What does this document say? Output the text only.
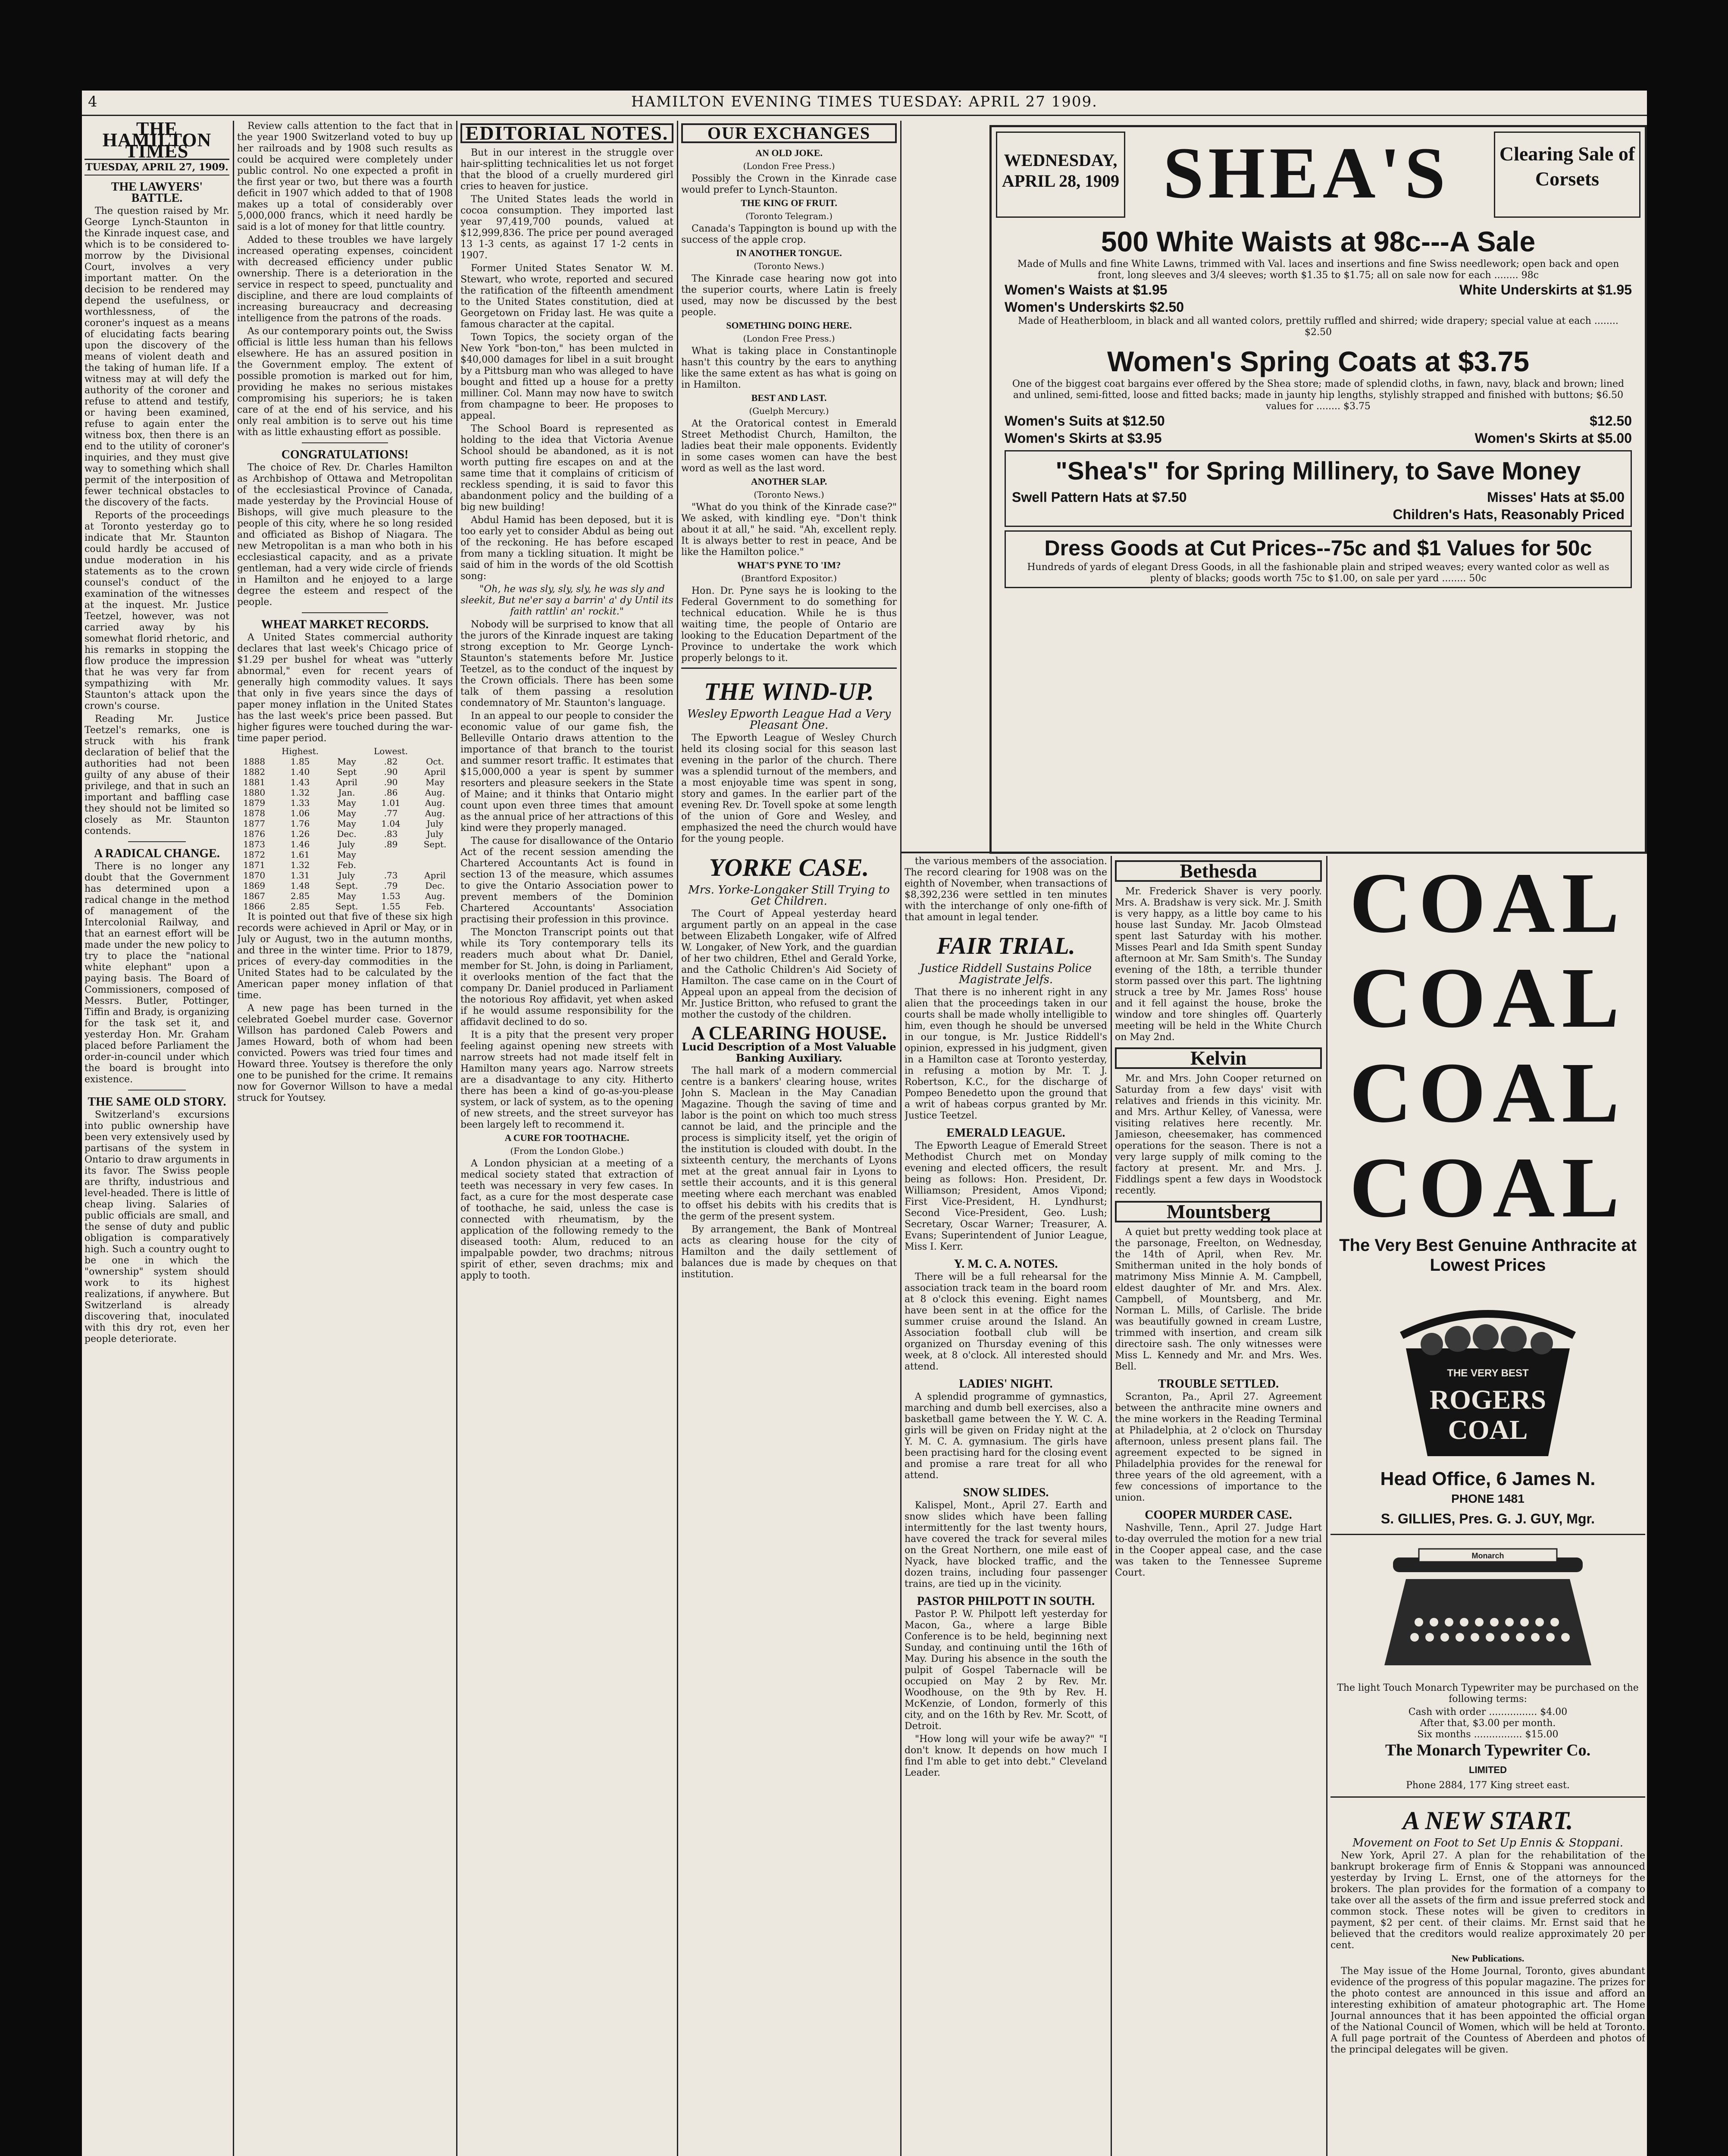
4	HAMILTON EVENING TIMES TUESDAY: APRIL 27 1909.
THE HAMILTON TIMES
TUESDAY, APRIL 27, 1909.
THE LAWYERS' BATTLE.

The question raised by Mr. George Lynch-Staunton in the Kinrade inquest case, and which is to be considered to-morrow by the Divisional Court, involves a very important matter. On the decision to be rendered may depend the usefulness, or worthlessness, of the coroner's inquest as a means of elucidating facts bearing upon the discovery of the means of violent death and the taking of human life. If a witness may at will defy the authority of the coroner and refuse to attend and testify, or having been examined, refuse to again enter the witness box, then there is an end to the utility of coroner's inquiries, and they must give way to something which shall permit of the interposition of fewer technical obstacles to the discovery of the facts.

Reports of the proceedings at Toronto yesterday go to indicate that Mr. Staunton could hardly be accused of undue moderation in his statements as to the crown counsel's conduct of the examination of the witnesses at the inquest. Mr. Justice Teetzel, however, was not carried away by his somewhat florid rhetoric, and his remarks in stopping the flow produce the impression that he was very far from sympathizing with Mr. Staunton's attack upon the crown's course.

Reading Mr. Justice Teetzel's remarks, one is struck with his frank declaration of belief that the authorities had not been guilty of any abuse of their privilege, and that in such an important and baffling case they should not be limited so closely as Mr. Staunton contends.

A RADICAL CHANGE.

There is no longer any doubt that the Government has determined upon a radical change in the method of management of the Intercolonial Railway, and that an earnest effort will be made under the new policy to try to place the "national white elephant" upon a paying basis. The Board of Commissioners, composed of Messrs. Butler, Pottinger, Tiffin and Brady, is organizing for the task set it, and yesterday Hon. Mr. Graham placed before Parliament the order-in-council under which the board is brought into existence.

THE SAME OLD STORY.

Switzerland's excursions into public ownership have been very extensively used by partisans of the system in Ontario to draw arguments in its favor. The Swiss people are thrifty, industrious and level-headed. There is little of cheap living. Salaries of public officials are small, and the sense of duty and public obligation is comparatively high. Such a country ought to be one in which the "ownership" system should work to its highest realizations, if anywhere. But Switzerland is already discovering that, inoculated with this dry rot, even her people deteriorate.

Review calls attention to the fact that in the year 1900 Switzerland voted to buy up her railroads and by 1908 such results as could be acquired were completely under public control. No one expected a profit in the first year or two, but there was a fourth deficit in 1907 which added to that of 1908 makes up a total of considerably over 5,000,000 francs, which it need hardly be said is a lot of money for that little country.

Added to these troubles we have largely increased operating expenses, coincident with decreased efficiency under public ownership. There is a deterioration in the service in respect to speed, punctuality and discipline, and there are loud complaints of increasing bureaucracy and decreasing intelligence from the patrons of the roads.

As our contemporary points out, the Swiss official is little less human than his fellows elsewhere. He has an assured position in the Government employ. The extent of possible promotion is marked out for him, providing he makes no serious mistakes compromising his superiors; he is taken care of at the end of his service, and his only real ambition is to serve out his time with as little exhausting effort as possible.

CONGRATULATIONS!

The choice of Rev. Dr. Charles Hamilton as Archbishop of Ottawa and Metropolitan of the ecclesiastical Province of Canada, made yesterday by the Provincial House of Bishops, will give much pleasure to the people of this city, where he so long resided and officiated as Bishop of Niagara. The new Metropolitan is a man who both in his ecclesiastical capacity, and as a private gentleman, had a very wide circle of friends in Hamilton and he enjoyed to a large degree the esteem and respect of the people.

WHEAT MARKET RECORDS.

A United States commercial authority declares that last week's Chicago price of $1.29 per bushel for wheat was "utterly abnormal," even for recent years of generally high commodity values. It says that only in five years since the days of paper money inflation in the United States has the last week's price been passed. But higher figures were touched during the war-time paper period.

	Highest.		Lowest.	
1888	1.85	May	.82	Oct.
1882	1.40	Sept	.90	April
1881	1.43	April	.90	May
1880	1.32	Jan.	.86	Aug.
1879	1.33	May	1.01	Aug.
1878	1.06	May	.77	Aug.
1877	1.76	May	1.04	July
1876	1.26	Dec.	.83	July
1873	1.46	July	.89	Sept.
1872	1.61	May		
1871	1.32	Feb.		
1870	1.31	July	.73	April
1869	1.48	Sept.	.79	Dec.
1867	2.85	May	1.53	Aug.
1866	2.85	Sept.	1.55	Feb.

It is pointed out that five of these six high records were achieved in April or May, or in July or August, two in the autumn months, and three in the winter time. Prior to 1879, prices of every-day commodities in the United States had to be calculated by the American paper money inflation of that time.

A new page has been turned in the celebrated Goebel murder case. Governor Willson has pardoned Caleb Powers and James Howard, both of whom had been convicted. Powers was tried four times and Howard three. Youtsey is therefore the only one to be punished for the crime. It remains now for Governor Willson to have a medal struck for Youtsey.

EDITORIAL NOTES.

But in our interest in the struggle over hair-splitting technicalities let us not forget that the blood of a cruelly murdered girl cries to heaven for justice.

The United States leads the world in cocoa consumption. They imported last year 97,419,700 pounds, valued at $12,999,836. The price per pound averaged 13 1-3 cents, as against 17 1-2 cents in 1907.

Former United States Senator W. M. Stewart, who wrote, reported and secured the ratification of the fifteenth amendment to the United States constitution, died at Georgetown on Friday last. He was quite a famous character at the capital.

Town Topics, the society organ of the New York "bon-ton," has been mulcted in $40,000 damages for libel in a suit brought by a Pittsburg man who was alleged to have bought and fitted up a house for a pretty milliner. Col. Mann may now have to switch from champagne to beer. He proposes to appeal.

The School Board is represented as holding to the idea that Victoria Avenue School should be abandoned, as it is not worth putting fire escapes on and at the same time that it complains of criticism of reckless spending, it is said to favor this abandonment policy and the building of a big new building!

Abdul Hamid has been deposed, but it is too early yet to consider Abdul as being out of the reckoning. He has before escaped from many a tickling situation. It might be said of him in the words of the old Scottish song:

"Oh, he was sly, sly, sly, he was sly and sleekit, But ne'er say a barrin' a' dy Until its faith rattlin' an' rockit."

Nobody will be surprised to know that all the jurors of the Kinrade inquest are taking strong exception to Mr. George Lynch-Staunton's statements before Mr. Justice Teetzel, as to the conduct of the inquest by the Crown officials. There has been some talk of them passing a resolution condemnatory of Mr. Staunton's language.

In an appeal to our people to consider the economic value of our game fish, the Belleville Ontario draws attention to the importance of that branch to the tourist and summer resort traffic. It estimates that $15,000,000 a year is spent by summer resorters and pleasure seekers in the State of Maine; and it thinks that Ontario might count upon even three times that amount as the annual price of her attractions of this kind were they properly managed.

The cause for disallowance of the Ontario Act of the recent session amending the Chartered Accountants Act is found in section 13 of the measure, which assumes to give the Ontario Association power to prevent members of the Dominion Chartered Accountants' Association practising their profession in this province.

The Moncton Transcript points out that while its Tory contemporary tells its readers much about what Dr. Daniel, member for St. John, is doing in Parliament, it overlooks mention of the fact that the company Dr. Daniel produced in Parliament the notorious Roy affidavit, yet when asked if he would assume responsibility for the affidavit declined to do so.

It is a pity that the present very proper feeling against opening new streets with narrow streets had not made itself felt in Hamilton many years ago. Narrow streets are a disadvantage to any city. Hitherto there has been a kind of go-as-you-please system, or lack of system, as to the opening of new streets, and the street surveyor has been largely left to recommend it.

A CURE FOR TOOTHACHE.
(From the London Globe.)

A London physician at a meeting of a medical society stated that extraction of teeth was necessary in very few cases. In fact, as a cure for the most desperate case of toothache, he said, unless the case is connected with rheumatism, by the application of the following remedy to the diseased tooth: Alum, reduced to an impalpable powder, two drachms; nitrous spirit of ether, seven drachms; mix and apply to tooth.

OUR EXCHANGES
AN OLD JOKE.
(London Free Press.)

Possibly the Crown in the Kinrade case would prefer to Lynch-Staunton.

THE KING OF FRUIT.
(Toronto Telegram.)

Canada's Tappington is bound up with the success of the apple crop.

IN ANOTHER TONGUE.
(Toronto News.)

The Kinrade case hearing now got into the superior courts, where Latin is freely used, may now be discussed by the best people.

SOMETHING DOING HERE.
(London Free Press.)

What is taking place in Constantinople hasn't this country by the ears to anything like the same extent as has what is going on in Hamilton.

BEST AND LAST.
(Guelph Mercury.)

At the Oratorical contest in Emerald Street Methodist Church, Hamilton, the ladies beat their male opponents. Evidently in some cases women can have the best word as well as the last word.

ANOTHER SLAP.
(Toronto News.)

"What do you think of the Kinrade case?" We asked, with kindling eye. "Don't think about it at all," he said. "Ah, excellent reply. It is always better to rest in peace, And be like the Hamilton police."

WHAT'S PYNE TO 'IM?
(Brantford Expositor.)

Hon. Dr. Pyne says he is looking to the Federal Government to do something for technical education. While he is thus waiting time, the people of Ontario are looking to the Education Department of the Province to undertake the work which properly belongs to it.

THE WIND-UP.
Wesley Epworth League Had a Very Pleasant One.

The Epworth League of Wesley Church held its closing social for this season last evening in the parlor of the church. There was a splendid turnout of the members, and a most enjoyable time was spent in song, story and games. In the earlier part of the evening Rev. Dr. Tovell spoke at some length of the union of Gore and Wesley, and emphasized the need the church would have for the young people.

YORKE CASE.
Mrs. Yorke-Longaker Still Trying to Get Children.

The Court of Appeal yesterday heard argument partly on an appeal in the case between Elizabeth Longaker, wife of Alfred W. Longaker, of New York, and the guardian of her two children, Ethel and Gerald Yorke, and the Catholic Children's Aid Society of Hamilton. The case came on in the Court of Appeal upon an appeal from the decision of Mr. Justice Britton, who refused to grant the mother the custody of the children.

A CLEARING HOUSE.
Lucid Description of a Most Valuable Banking Auxiliary.

The hall mark of a modern commercial centre is a bankers' clearing house, writes John S. Maclean in the May Canadian Magazine. Though the saving of time and labor is the point on which too much stress cannot be laid, and the principle and the process is simplicity itself, yet the origin of the institution is clouded with doubt. In the sixteenth century, the merchants of Lyons met at the great annual fair in Lyons to settle their accounts, and it is this general meeting where each merchant was enabled to offset his debits with his credits that is the germ of the present system.

By arrangement, the Bank of Montreal acts as clearing house for the city of Hamilton and the daily settlement of balances due is made by cheques on that institution.

WEDNESDAY,
APRIL 28, 1909 SHEA'S	Clearing Sale of Corsets
500 White Waists at 98c---A Sale
Made of Mulls and fine White Lawns, trimmed with Val. laces and insertions and fine Swiss needlework; open back and open front, long sleeves and 3/4 sleeves; worth $1.35 to $1.75; all on sale now for each ........ 98c
Women's Waists at $1.95	White Underskirts at $1.95
Women's Underskirts $2.50
Made of Heatherbloom, in black and all wanted colors, prettily ruffled and shirred; wide drapery; special value at each ........ $2.50
Women's Spring Coats at $3.75
One of the biggest coat bargains ever offered by the Shea store; made of splendid cloths, in fawn, navy, black and brown; lined and unlined, semi-fitted, loose and fitted backs; made in jaunty hip lengths, stylishly strapped and finished with buttons; $6.50 values for ........ $3.75
Women's Suits at $12.50	$12.50
Women's Skirts at $3.95	Women's Skirts at $5.00
"Shea's" for Spring Millinery, to Save Money
Swell Pattern Hats at $7.50	Misses' Hats at $5.00
Children's Hats, Reasonably Priced
Dress Goods at Cut Prices--75c and $1 Values for 50c
Hundreds of yards of elegant Dress Goods, in all the fashionable plain and striped weaves; every wanted color as well as plenty of blacks; goods worth 75c to $1.00, on sale per yard ........ 50c

the various members of the association. The record clearing for 1908 was on the eighth of November, when transactions of $8,392,236 were settled in ten minutes with the interchange of only one-fifth of that amount in legal tender.

FAIR TRIAL.
Justice Riddell Sustains Police Magistrate Jelfs.

That there is no inherent right in any alien that the proceedings taken in our courts shall be made wholly intelligible to him, even though he should be unversed in our tongue, is Mr. Justice Riddell's opinion, expressed in his judgment, given in a Hamilton case at Toronto yesterday, in refusing a motion by Mr. T. J. Robertson, K.C., for the discharge of Pompeo Benedetto upon the ground that a writ of habeas corpus granted by Mr. Justice Teetzel.

EMERALD LEAGUE.

The Epworth League of Emerald Street Methodist Church met on Monday evening and elected officers, the result being as follows: Hon. President, Dr. Williamson; President, Amos Vipond; First Vice-President, H. Lyndhurst; Second Vice-President, Geo. Lush; Secretary, Oscar Warner; Treasurer, A. Evans; Superintendent of Junior League, Miss I. Kerr.

Y. M. C. A. NOTES.

There will be a full rehearsal for the association track team in the board room at 8 o'clock this evening. Eight names have been sent in at the office for the summer cruise around the Island. An Association football club will be organized on Thursday evening of this week, at 8 o'clock. All interested should attend.

LADIES' NIGHT.

A splendid programme of gymnastics, marching and dumb bell exercises, also a basketball game between the Y. W. C. A. girls will be given on Friday night at the Y. M. C. A. gymnasium. The girls have been practising hard for the closing event and promise a rare treat for all who attend.

SNOW SLIDES.

Kalispel, Mont., April 27. Earth and snow slides which have been falling intermittently for the last twenty hours, have covered the track for several miles on the Great Northern, one mile east of Nyack, have blocked traffic, and the dozen trains, including four passenger trains, are tied up in the vicinity.

PASTOR PHILPOTT IN SOUTH.

Pastor P. W. Philpott left yesterday for Macon, Ga., where a large Bible Conference is to be held, beginning next Sunday, and continuing until the 16th of May. During his absence in the south the pulpit of Gospel Tabernacle will be occupied on May 2 by Rev. Mr. Woodhouse, on the 9th by Rev. H. McKenzie, of London, formerly of this city, and on the 16th by Rev. Mr. Scott, of Detroit.

"How long will your wife be away?" "I don't know. It depends on how much I find I'm able to get into debt." Cleveland Leader.

Bethesda

Mr. Frederick Shaver is very poorly. Mrs. A. Bradshaw is very sick. Mr. J. Smith is very happy, as a little boy came to his house last Sunday. Mr. Jacob Olmstead spent last Saturday with his mother. Misses Pearl and Ida Smith spent Sunday afternoon at Mr. Sam Smith's. The Sunday evening of the 18th, a terrible thunder storm passed over this part. The lightning struck a tree by Mr. James Ross' house and it fell against the house, broke the window and tore shingles off. Quarterly meeting will be held in the White Church on May 2nd.

Kelvin

Mr. and Mrs. John Cooper returned on Saturday from a few days' visit with relatives and friends in this vicinity. Mr. and Mrs. Arthur Kelley, of Vanessa, were visiting relatives here recently. Mr. Jamieson, cheesemaker, has commenced operations for the season. There is not a very large supply of milk coming to the factory at present. Mr. and Mrs. J. Fiddlings spent a few days in Woodstock recently.

Mountsberg

A quiet but pretty wedding took place at the parsonage, Freelton, on Wednesday, the 14th of April, when Rev. Mr. Smitherman united in the holy bonds of matrimony Miss Minnie A. M. Campbell, eldest daughter of Mr. and Mrs. Alex. Campbell, of Mountsberg, and Mr. Norman L. Mills, of Carlisle. The bride was beautifully gowned in cream Lustre, trimmed with insertion, and cream silk directoire sash. The only witnesses were Miss L. Kennedy and Mr. and Mrs. Wes. Bell.

TROUBLE SETTLED.

Scranton, Pa., April 27. Agreement between the anthracite mine owners and the mine workers in the Reading Terminal at Philadelphia, at 2 o'clock on Thursday afternoon, unless present plans fail. The agreement expected to be signed in Philadelphia provides for the renewal for three years of the old agreement, with a few concessions of importance to the union.

COOPER MURDER CASE.

Nashville, Tenn., April 27. Judge Hart to-day overruled the motion for a new trial in the Cooper appeal case, and the case was taken to the Tennessee Supreme Court.

COAL
COAL
COAL
COAL
The Very Best Genuine Anthracite at Lowest Prices
THE VERY BEST
ROGERS
COAL
Head Office, 6 James N.
PHONE 1481
S. GILLIES, Pres. G. J. GUY, Mgr.
Monarch

The light Touch Monarch Typewriter may be purchased on the following terms:

Cash with order ................ $4.00
After that, $3.00 per month.
Six months ................ $15.00
The Monarch Typewriter Co.
LIMITED
Phone 2884, 177 King street east.
A NEW START.
Movement on Foot to Set Up Ennis & Stoppani.

New York, April 27. A plan for the rehabilitation of the bankrupt brokerage firm of Ennis & Stoppani was announced yesterday by Irving L. Ernst, one of the attorneys for the brokers. The plan provides for the formation of a company to take over all the assets of the firm and issue preferred stock and common stock. These notes will be given to creditors in payment, $2 per cent. of their claims. Mr. Ernst said that he believed that the creditors would realize approximately 20 per cent.

New Publications.

The May issue of the Home Journal, Toronto, gives abundant evidence of the progress of this popular magazine. The prizes for the photo contest are announced in this issue and afford an interesting exhibition of amateur photographic art. The Home Journal announces that it has been appointed the official organ of the National Council of Women, which will be held at Toronto. A full page portrait of the Countess of Aberdeen and photos of the principal delegates will be given.
